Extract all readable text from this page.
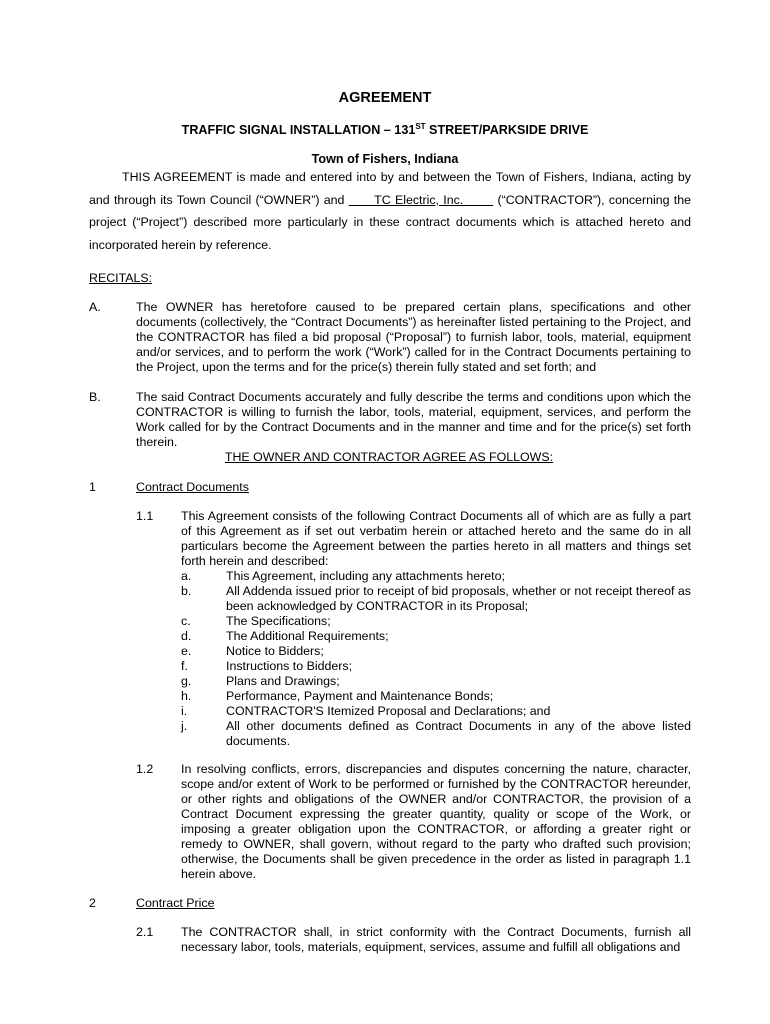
AGREEMENT
TRAFFIC SIGNAL INSTALLATION – 131ST STREET/PARKSIDE DRIVE
Town of Fishers, Indiana
THIS AGREEMENT is made and entered into by and between the Town of Fishers, Indiana, acting by and through its Town Council (“OWNER”) and       TC Electric, Inc.        (“CONTRACTOR”), concerning the project (“Project”) described more particularly in these contract documents which is attached hereto and incorporated herein by reference.
RECITALS:
A.	The OWNER has heretofore caused to be prepared certain plans, specifications and other documents (collectively, the “Contract Documents”) as hereinafter listed pertaining to the Project, and the CONTRACTOR has filed a bid proposal (“Proposal”) to furnish labor, tools, material, equipment and/or services, and to perform the work (“Work”) called for in the Contract Documents pertaining to the Project, upon the terms and for the price(s) therein fully stated and set forth; and
B.	The said Contract Documents accurately and fully describe the terms and conditions upon which the CONTRACTOR is willing to furnish the labor, tools, material, equipment, services, and perform the Work called for by the Contract Documents and in the manner and time and for the price(s) set forth therein.
THE OWNER AND CONTRACTOR AGREE AS FOLLOWS:
1	Contract Documents
1.1 This Agreement consists of the following Contract Documents all of which are as fully a part of this Agreement as if set out verbatim herein or attached hereto and the same do in all particulars become the Agreement between the parties hereto in all matters and things set forth herein and described:
a.	This Agreement, including any attachments hereto;
b.	All Addenda issued prior to receipt of bid proposals, whether or not receipt thereof as been acknowledged by CONTRACTOR in its Proposal;
c.	The Specifications;
d.	The Additional Requirements;
e.	Notice to Bidders;
f.	Instructions to Bidders;
g.	Plans and Drawings;
h.	Performance, Payment and Maintenance Bonds;
i.	CONTRACTOR'S Itemized Proposal and Declarations; and
j.	All other documents defined as Contract Documents in any of the above listed documents.
1.2 In resolving conflicts, errors, discrepancies and disputes concerning the nature, character, scope and/or extent of Work to be performed or furnished by the CONTRACTOR hereunder, or other rights and obligations of the OWNER and/or CONTRACTOR, the provision of a Contract Document expressing the greater quantity, quality or scope of the Work, or imposing a greater obligation upon the CONTRACTOR, or affording a greater right or remedy to OWNER, shall govern, without regard to the party who drafted such provision; otherwise, the Documents shall be given precedence in the order as listed in paragraph 1.1 herein above.
2	Contract Price
2.1 The CONTRACTOR shall, in strict conformity with the Contract Documents, furnish all necessary labor, tools, materials, equipment, services, assume and fulfill all obligations and
